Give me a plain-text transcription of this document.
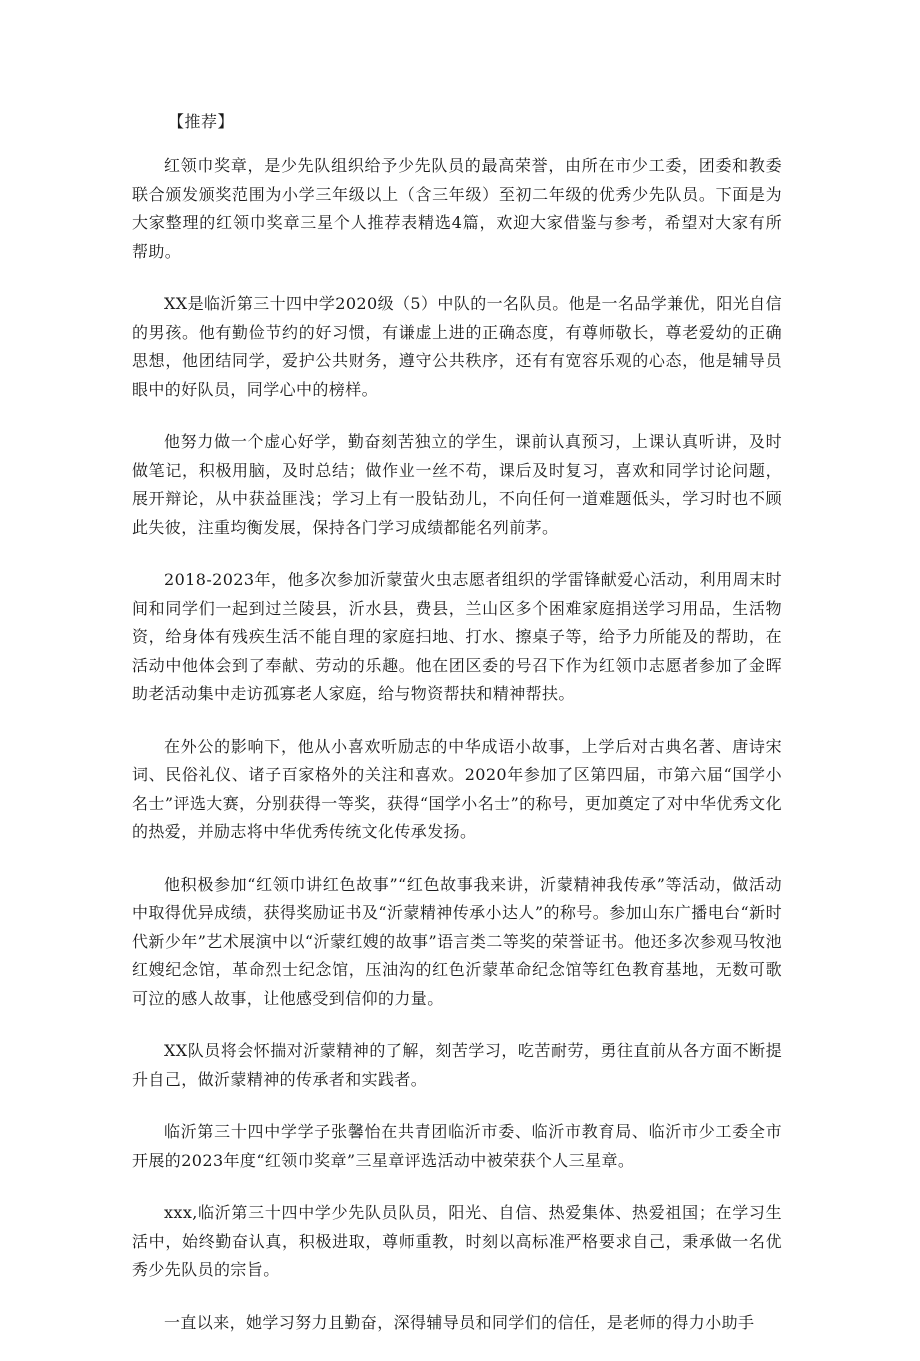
【推荐】

红领巾奖章，是少先队组织给予少先队员的最高荣誉，由所在市少工委，团委和教委联合颁发颁奖范围为小学三年级以上（含三年级）至初二年级的优秀少先队员。下面是为大家整理的红领巾奖章三星个人推荐表精选4篇，欢迎大家借鉴与参考，希望对大家有所帮助。

XX是临沂第三十四中学2020级（5）中队的一名队员。他是一名品学兼优，阳光自信的男孩。他有勤俭节约的好习惯，有谦虚上进的正确态度，有尊师敬长，尊老爱幼的正确思想，他团结同学，爱护公共财务，遵守公共秩序，还有有宽容乐观的心态，他是辅导员眼中的好队员，同学心中的榜样。

他努力做一个虚心好学，勤奋刻苦独立的学生，课前认真预习，上课认真听讲，及时做笔记，积极用脑，及时总结；做作业一丝不苟，课后及时复习，喜欢和同学讨论问题，展开辩论，从中获益匪浅；学习上有一股钻劲儿，不向任何一道难题低头，学习时也不顾此失彼，注重均衡发展，保持各门学习成绩都能名列前茅。

2018-2023年，他多次参加沂蒙萤火虫志愿者组织的学雷锋献爱心活动，利用周末时间和同学们一起到过兰陵县，沂水县，费县，兰山区多个困难家庭捐送学习用品，生活物资，给身体有残疾生活不能自理的家庭扫地、打水、擦桌子等，给予力所能及的帮助，在活动中他体会到了奉献、劳动的乐趣。他在团区委的号召下作为红领巾志愿者参加了金晖助老活动集中走访孤寡老人家庭，给与物资帮扶和精神帮扶。

在外公的影响下，他从小喜欢听励志的中华成语小故事，上学后对古典名著、唐诗宋词、民俗礼仪、诸子百家格外的关注和喜欢。2020年参加了区第四届，市第六届“国学小名士”评选大赛，分别获得一等奖，获得“国学小名士”的称号，更加奠定了对中华优秀文化的热爱，并励志将中华优秀传统文化传承发扬。

他积极参加“红领巾讲红色故事”“红色故事我来讲，沂蒙精神我传承”等活动，做活动中取得优异成绩，获得奖励证书及“沂蒙精神传承小达人”的称号。参加山东广播电台“新时代新少年”艺术展演中以“沂蒙红嫂的故事”语言类二等奖的荣誉证书。他还多次参观马牧池红嫂纪念馆，革命烈士纪念馆，压油沟的红色沂蒙革命纪念馆等红色教育基地，无数可歌可泣的感人故事，让他感受到信仰的力量。

XX队员将会怀揣对沂蒙精神的了解，刻苦学习，吃苦耐劳，勇往直前从各方面不断提升自己，做沂蒙精神的传承者和实践者。

临沂第三十四中学学子张馨怡在共青团临沂市委、临沂市教育局、临沂市少工委全市开展的2023年度“红领巾奖章”三星章评选活动中被荣获个人三星章。

xxx,临沂第三十四中学少先队员队员，阳光、自信、热爱集体、热爱祖国；在学习生活中，始终勤奋认真，积极进取，尊师重教，时刻以高标准严格要求自己，秉承做一名优秀少先队员的宗旨。

一直以来，她学习努力且勤奋，深得辅导员和同学们的信任，是老师的得力小助手
